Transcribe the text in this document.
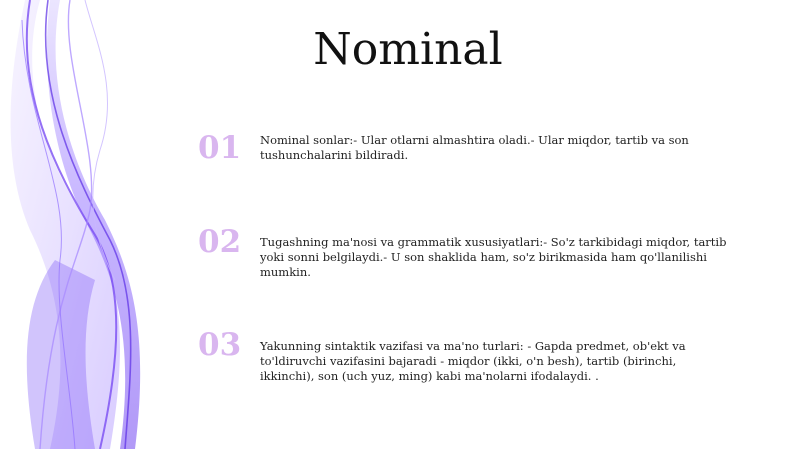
Nominal
01 Nominal sonlar:- Ular otlarni almashtira oladi.- Ular miqdor, tartib va son tushunchalarini bildiradi.
02 Tugashning ma'nosi va grammatik xususiyatlari:- So'z tarkibidagi miqdor, tartib yoki sonni belgilaydi.- U son shaklida ham, so'z birikmasida ham qo'llanilishi mumkin.
03 Yakunning sintaktik vazifasi va ma'no turlari: - Gapda predmet, ob'ekt va to'ldiruvchi vazifasini bajaradi - miqdor (ikki, o'n besh), tartib (birinchi, ikkinchi), son (uch yuz, ming) kabi ma'nolarni ifodalaydi. .
